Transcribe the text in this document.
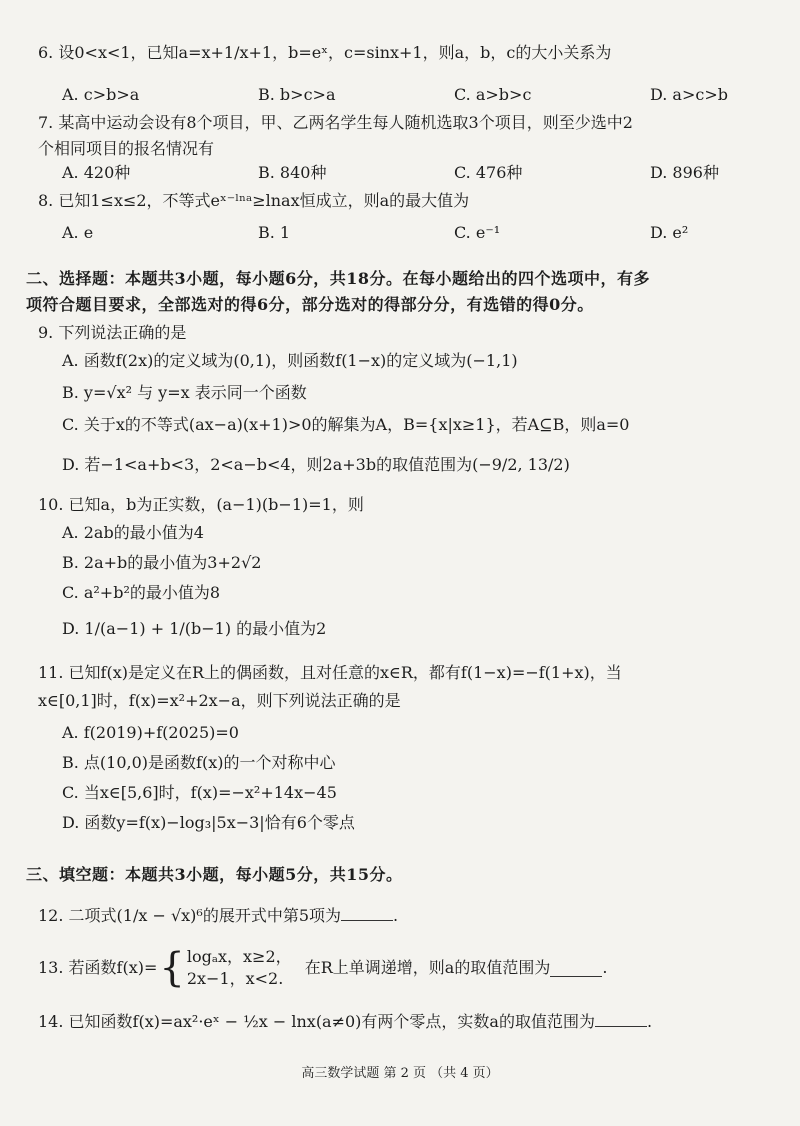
6. 设0<x<1，已知a=x+1/x+1，b=eˣ，c=sinx+1，则a，b，c的大小关系为
A. c>b>a	B. b>c>a	C. a>b>c	D. a>c>b
7. 某高中运动会设有8个项目，甲、乙两名学生每人随机选取3个项目，则至少选中2
个相同项目的报名情况有
A. 420种	B. 840种	C. 476种	D. 896种
8. 已知1≤x≤2，不等式eˣ⁻ˡⁿᵃ≥lnax恒成立，则a的最大值为
A. e	B. 1	C. e⁻¹	D. e²
二、选择题：本题共3小题，每小题6分，共18分。在每小题给出的四个选项中，有多
项符合题目要求，全部选对的得6分，部分选对的得部分分，有选错的得0分。
9. 下列说法正确的是
A. 函数f(2x)的定义域为(0,1)，则函数f(1−x)的定义域为(−1,1)
B. y=√x² 与 y=x 表示同一个函数
C. 关于x的不等式(ax−a)(x+1)>0的解集为A，B={x|x≥1}，若A⊆B，则a=0
D. 若−1<a+b<3，2<a−b<4，则2a+3b的取值范围为(−9/2, 13/2)
10. 已知a，b为正实数，(a−1)(b−1)=1，则
A. 2ab的最小值为4
B. 2a+b的最小值为3+2√2
C. a²+b²的最小值为8
D. 1/(a−1) + 1/(b−1) 的最小值为2
11. 已知f(x)是定义在R上的偶函数，且对任意的x∈R，都有f(1−x)=−f(1+x)，当
x∈[0,1]时，f(x)=x²+2x−a，则下列说法正确的是
A. f(2019)+f(2025)=0
B. 点(10,0)是函数f(x)的一个对称中心
C. 当x∈[5,6]时，f(x)=−x²+14x−45
D. 函数y=f(x)−log₃|5x−3|恰有6个零点
三、填空题：本题共3小题，每小题5分，共15分。
12. 二项式(1/x − √x)⁶的展开式中第5项为	.
13. 若函数f(x)={ logₐx，x≥2，
2x−1，x<2.
在R上单调递增，则a的取值范围为	.
14. 已知函数f(x)=ax²·eˣ − ½x − lnx(a≠0)有两个零点，实数a的取值范围为	.
高三数学试题 第 2 页 （共 4 页）
